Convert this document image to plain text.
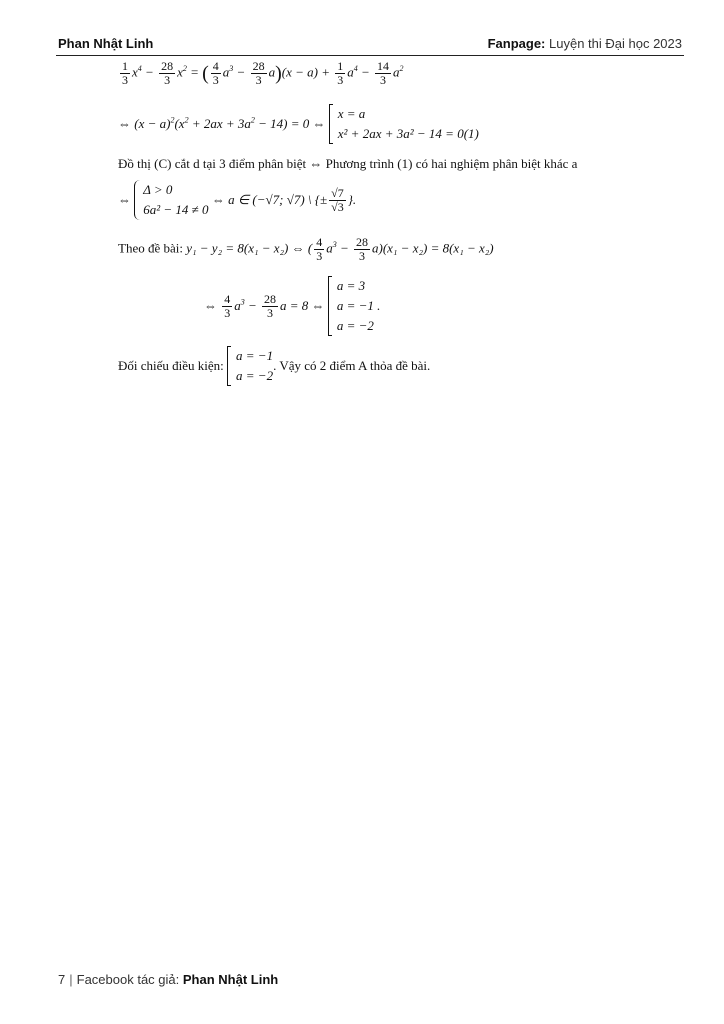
Phan Nhật Linh	Fanpage: Luyện thi Đại học 2023
$\frac{1}{3} x^4 - \frac{28}{3} x^2$ = ( $\frac{4}{3} a^3 - \frac{28}{3} a)(x - a) + \frac{1}{3} a^4 - \frac{14}{3} a^2$
⇔ $(x - a)^2(x^2 + 2ax + 3a^2 - 14) = 0$ ⇔
x = a
x² + 2ax + 3a² − 14 = 0(1)
Đồ thị (C) cắt d tại 3 điểm phân biệt ⇔ Phương trình (1) có hai nghiệm phân biệt khác a
⇔
Δ > 0
6a² − 14 ≠ 0
⇔ a ∈ (−√7; √7) \ {± $\frac{√7}{√3}$ }.
Theo đề bài: y₁ − y₂ = 8(x₁ − x₂) ⇔ ( $\frac{4}{3} a^3 - \frac{28}{3} a)(x_1 - x_2) = 8(x_1 - x_2)$
⇔ $\frac{4}{3} a^3 - \frac{28}{3}$ a = 8 ⇔
a = 3
a = −1 .
a = −2
Đối chiếu điều kiện:
a = −1
a = −2
. Vậy có 2 điểm A thỏa đề bài.
7 | Facebook tác giả: Phan Nhật Linh
